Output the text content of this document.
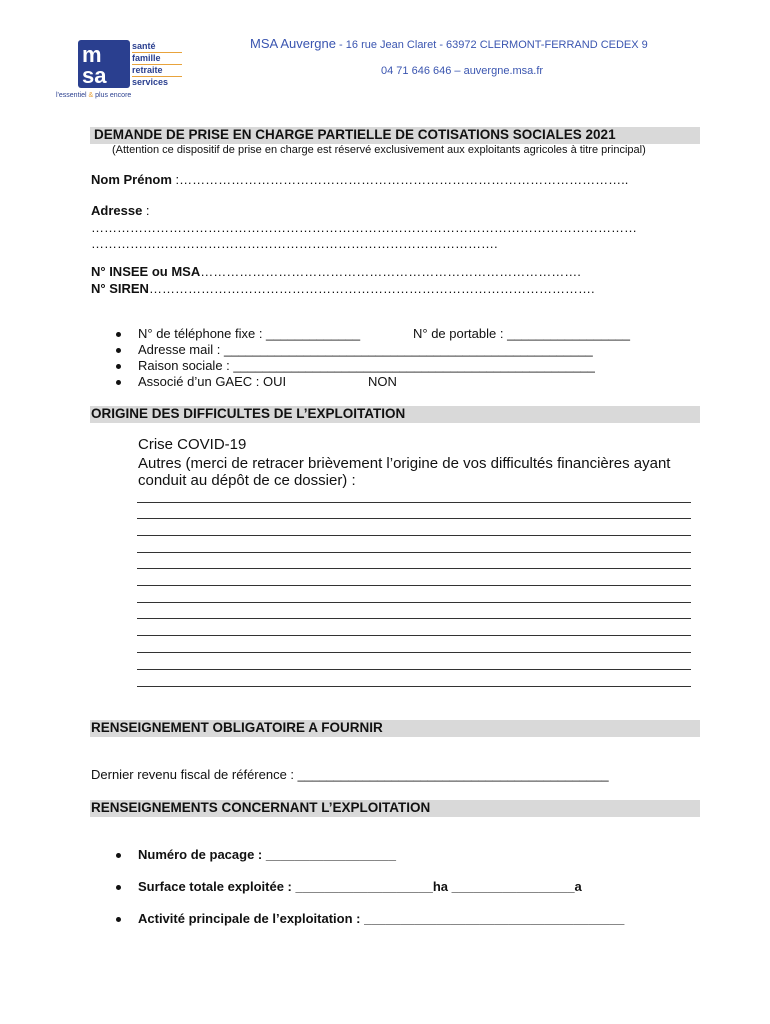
m
sa
santé
famille
retraite
services
l'essentiel & plus encore
MSA Auvergne - 16 rue Jean Claret - 63972 CLERMONT-FERRAND CEDEX 9
04 71 646 646 – auvergne.msa.fr
DEMANDE DE PRISE EN CHARGE PARTIELLE DE COTISATIONS SOCIALES 2021
(Attention ce dispositif de prise en charge est réservé exclusivement aux exploitants agricoles à titre principal)
Nom Prénom :…………………………………………………………………………………………..
Adresse :
………………………………………………………………………………………………………………
………………………………………………………………………………….
N° INSEE ou MSA…………………………………………………………………………….
N° SIREN………………………………………………………………………………………….
N° de téléphone fixe : _____________	N° de portable : _________________
Adresse mail : ___________________________________________________
Raison sociale : __________________________________________________
Associé d’un GAEC : OUI	NON
ORIGINE DES DIFFICULTES DE L’EXPLOITATION
Crise COVID-19
Autres (merci de retracer brièvement l’origine de vos difficultés financières ayant
conduit au dépôt de ce dossier) :
RENSEIGNEMENT OBLIGATOIRE A FOURNIR
Dernier revenu fiscal de référence : ___________________________________________
RENSEIGNEMENTS CONCERNANT L’EXPLOITATION
Numéro de pacage : __________________
Surface totale exploitée : ___________________ha _________________a
Activité principale de l’exploitation : ____________________________________
